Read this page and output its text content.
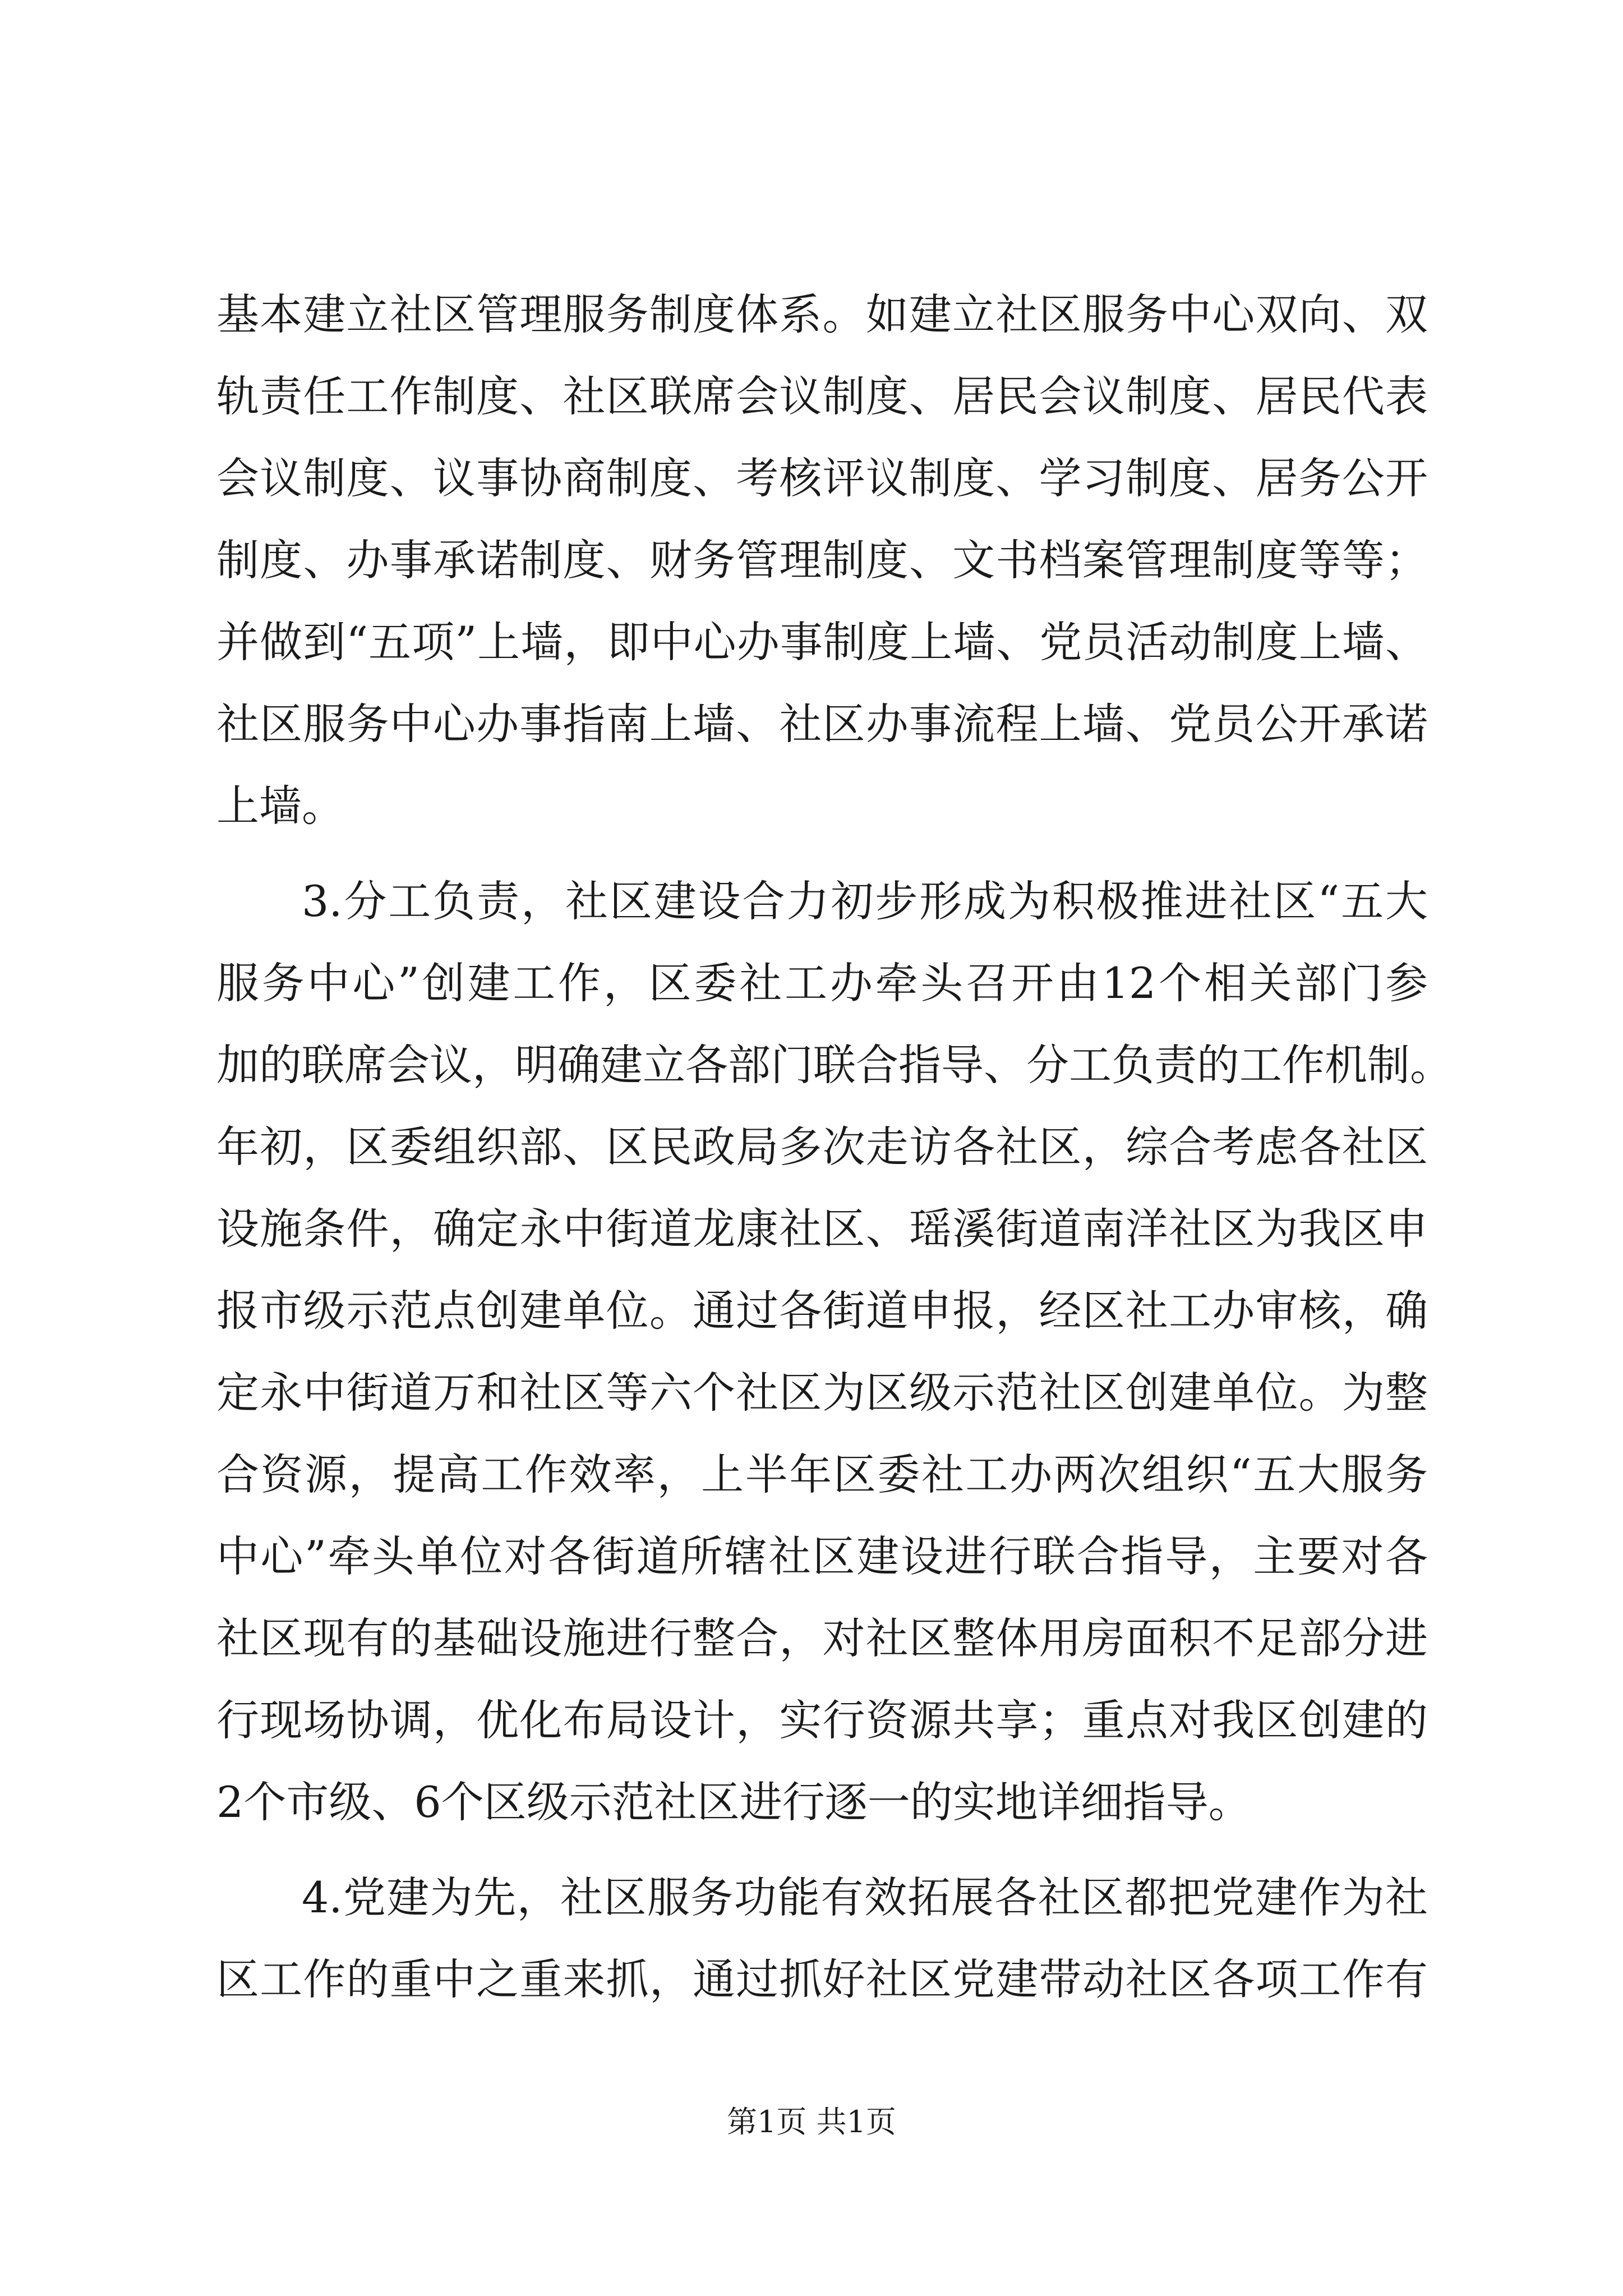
基本建立社区管理服务制度体系。如建立社区服务中心双向、双
轨责任工作制度、社区联席会议制度、居民会议制度、居民代表
会议制度、议事协商制度、考核评议制度、学习制度、居务公开
制度、办事承诺制度、财务管理制度、文书档案管理制度等等；
并做到“五项”上墙，即中心办事制度上墙、党员活动制度上墙、
社区服务中心办事指南上墙、社区办事流程上墙、党员公开承诺
上墙。

3.分工负责，社区建设合力初步形成为积极推进社区“五大
服务中心”创建工作，区委社工办牵头召开由12个相关部门参
加的联席会议，明确建立各部门联合指导、分工负责的工作机制。
年初，区委组织部、区民政局多次走访各社区，综合考虑各社区
设施条件，确定永中街道龙康社区、瑶溪街道南洋社区为我区申
报市级示范点创建单位。通过各街道申报，经区社工办审核，确
定永中街道万和社区等六个社区为区级示范社区创建单位。为整
合资源，提高工作效率，上半年区委社工办两次组织“五大服务
中心”牵头单位对各街道所辖社区建设进行联合指导，主要对各
社区现有的基础设施进行整合，对社区整体用房面积不足部分进
行现场协调，优化布局设计，实行资源共享；重点对我区创建的
2个市级、6个区级示范社区进行逐一的实地详细指导。

4.党建为先，社区服务功能有效拓展各社区都把党建作为社
区工作的重中之重来抓，通过抓好社区党建带动社区各项工作有

第1页 共1页
